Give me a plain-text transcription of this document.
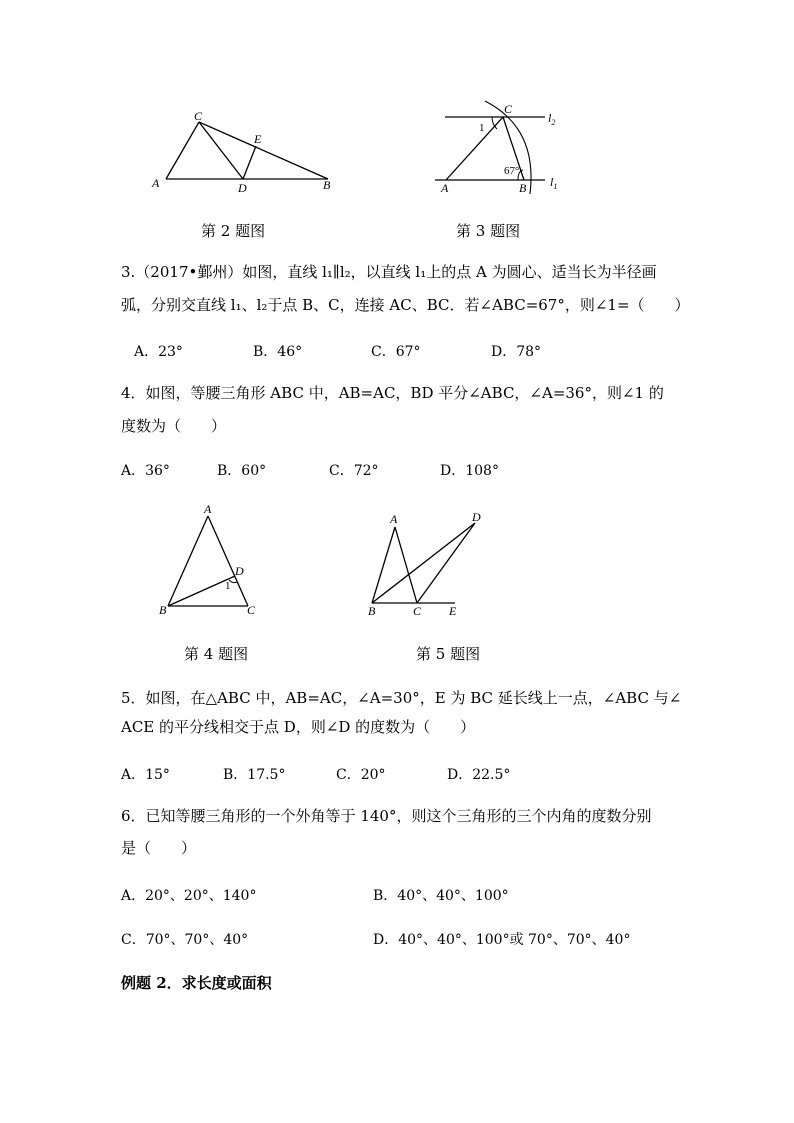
C
E
A	D	B
第 2 题图
C
$l_2$
1
67°
$l_1$
A	B
第 3 题图
3.（2017•鄞州）如图，直线 l₁∥l₂，以直线 l₁上的点 A 为圆心、适当长为半径画
弧，分别交直线 l₁、l₂于点 B、C，连接 AC、BC．若∠ABC=67°，则∠1=（　　）
A．23°	B．46°	C．67°	D．78°
4．如图，等腰三角形 ABC 中，AB=AC，BD 平分∠ABC，∠A=36°，则∠1 的
度数为（　　）
A．36°	B．60°	C．72°	D．108°
A
D
1
B	C
第 4 题图
A	D
B	C E
第 5 题图
5．如图，在△ABC 中，AB=AC，∠A=30°，E 为 BC 延长线上一点，∠ABC 与∠
ACE 的平分线相交于点 D，则∠D 的度数为（　　）
A．15°	B．17.5°	C．20°	D．22.5°
6．已知等腰三角形的一个外角等于 140°，则这个三角形的三个内角的度数分别
是（　　）
A．20°、20°、140°	B．40°、40°、100°
C．70°、70°、40°	D．40°、40°、100°或 70°、70°、40°
例题 2．求长度或面积
